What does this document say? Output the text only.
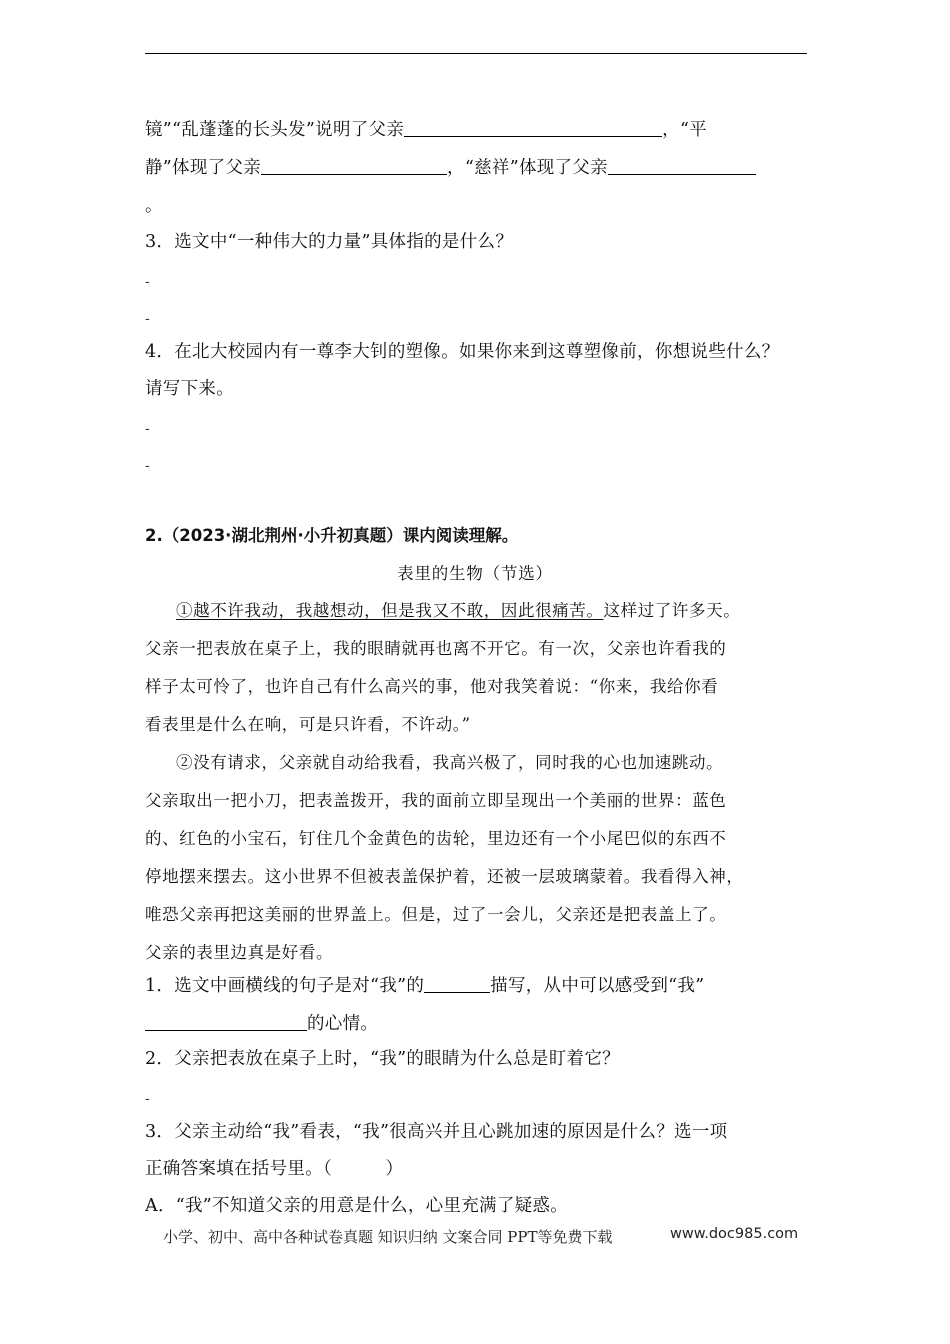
镜”“乱蓬蓬的长头发”说明了父亲	，“平
静”体现了父亲	，“慈祥”体现了父亲
。
3．选文中“一种伟大的力量”具体指的是什么？
-
-
4．在北大校园内有一尊李大钊的塑像。如果你来到这尊塑像前，你想说些什么？
请写下来。
-
-
2.（2023·湖北荆州·小升初真题）课内阅读理解。
表里的生物（节选）
①越不许我动，我越想动，但是我又不敢，因此很痛苦。这样过了许多天。
父亲一把表放在桌子上，我的眼睛就再也离不开它。有一次，父亲也许看我的
样子太可怜了，也许自己有什么高兴的事，他对我笑着说：“你来，我给你看
看表里是什么在响，可是只许看，不许动。”
②没有请求，父亲就自动给我看，我高兴极了，同时我的心也加速跳动。
父亲取出一把小刀，把表盖拨开，我的面前立即呈现出一个美丽的世界：蓝色
的、红色的小宝石，钉住几个金黄色的齿轮，里边还有一个小尾巴似的东西不
停地摆来摆去。这小世界不但被表盖保护着，还被一层玻璃蒙着。我看得入神，
唯恐父亲再把这美丽的世界盖上。但是，过了一会儿，父亲还是把表盖上了。
父亲的表里边真是好看。
1．选文中画横线的句子是对“我”的	描写，从中可以感受到“我”
的心情。
2．父亲把表放在桌子上时，“我”的眼睛为什么总是盯着它？
-
3．父亲主动给“我”看表，“我”很高兴并且心跳加速的原因是什么？选一项
正确答案填在括号里。（　　　）
A．“我”不知道父亲的用意是什么，心里充满了疑惑。
小学、初中、高中各种试卷真题 知识归纳 文案合同 PPT等免费下载	www.doc985.com
